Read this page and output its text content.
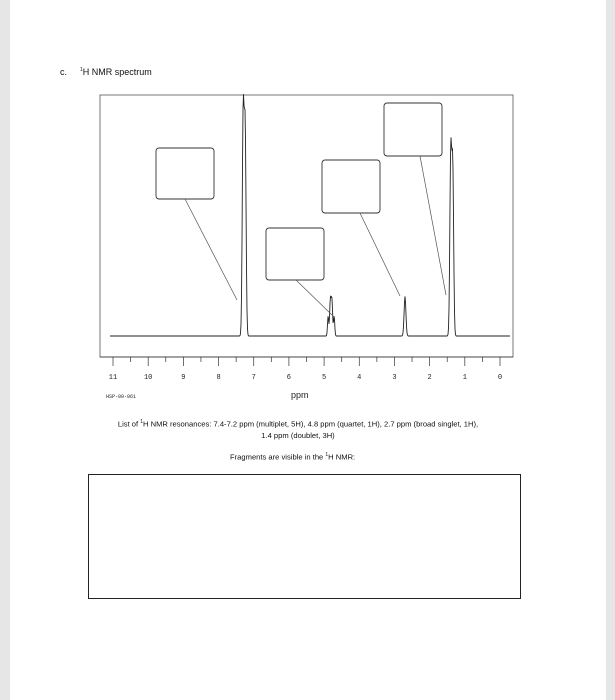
c.	$^1$H NMR spectrum
11	10	9	8	7	6	5	4	3	2	1	0
HSP-00-061	ppm
List of $^1$H NMR resonances: 7.4-7.2 ppm (multiplet, 5H), 4.8 ppm (quartet, 1H), 2.7 ppm (broad singlet, 1H),
1.4 ppm (doublet, 3H)
Fragments are visible in the $^1$H NMR:
